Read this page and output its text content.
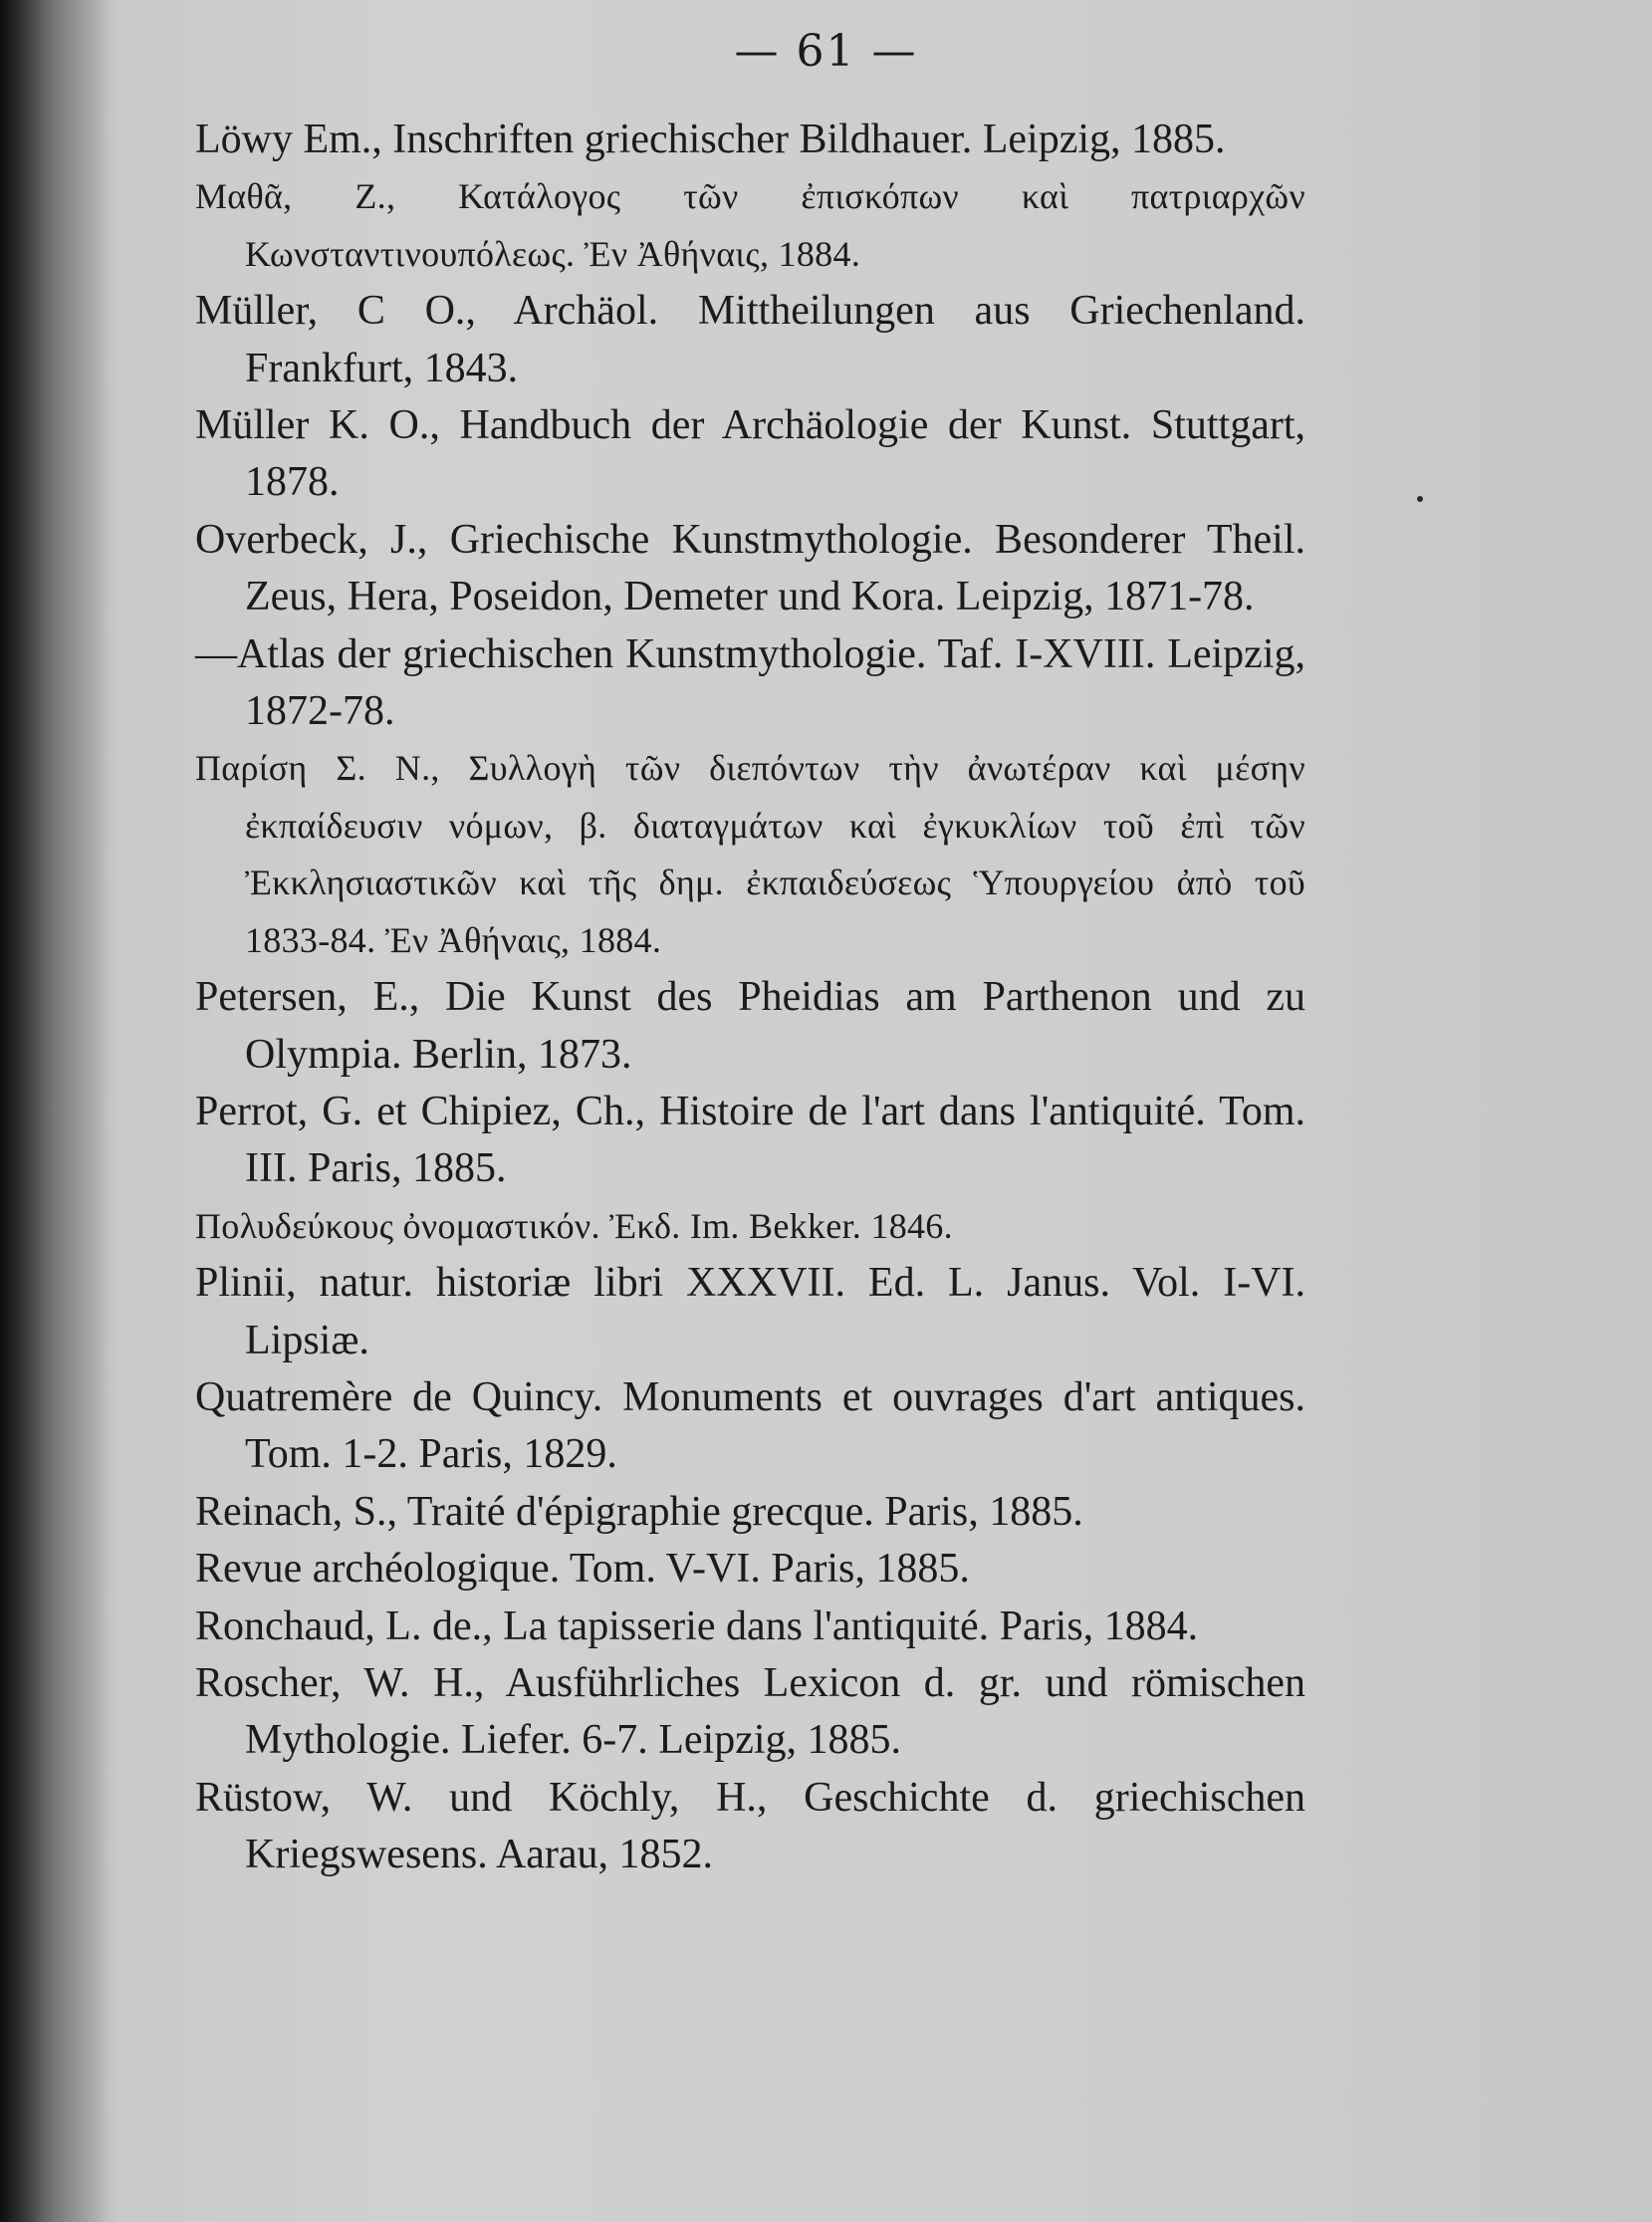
— 61 —

Löwy Em., Inschriften griechischer Bildhauer. Leipzig, 1885.

Μαθᾶ, Ζ., Κατάλογος τῶν ἐπισκόπων καὶ πατριαρχῶν Κωνσταντινουπόλεως. Ἐν Ἀθήναις, 1884.

Müller, C O., Archäol. Mittheilungen aus Griechenland. Frankfurt, 1843.

Müller K. O., Handbuch der Archäologie der Kunst. Stuttgart, 1878.

Overbeck, J., Griechische Kunstmythologie. Besonderer Theil. Zeus, Hera, Poseidon, Demeter und Kora. Leipzig, 1871-78.

—Atlas der griechischen Kunstmythologie. Taf. I-XVIII. Leipzig, 1872-78.

Παρίση Σ. Ν., Συλλογὴ τῶν διεπόντων τὴν ἀνωτέραν καὶ μέσην ἐκπαίδευσιν νόμων, β. διαταγμάτων καὶ ἐγκυκλίων τοῦ ἐπὶ τῶν Ἐκκλησιαστικῶν καὶ τῆς δημ. ἐκπαιδεύσεως Ὑπουργείου ἀπὸ τοῦ 1833-84. Ἐν Ἀθήναις, 1884.

Petersen, E., Die Kunst des Pheidias am Parthenon und zu Olympia. Berlin, 1873.

Perrot, G. et Chipiez, Ch., Histoire de l'art dans l'antiquité. Tom. III. Paris, 1885.

Πολυδεύκους ὀνομαστικόν. Ἐκδ. Im. Bekker. 1846.

Plinii, natur. historiæ libri XXXVII. Ed. L. Janus. Vol. I-VI. Lipsiæ.

Quatremère de Quincy. Monuments et ouvrages d'art antiques. Tom. 1-2. Paris, 1829.

Reinach, S., Traité d'épigraphie grecque. Paris, 1885.

Revue archéologique. Tom. V-VI. Paris, 1885.

Ronchaud, L. de., La tapisserie dans l'antiquité. Paris, 1884.

Roscher, W. H., Ausführliches Lexicon d. gr. und römischen Mythologie. Liefer. 6-7. Leipzig, 1885.

Rüstow, W. und Köchly, H., Geschichte d. griechischen Kriegswesens. Aarau, 1852.
